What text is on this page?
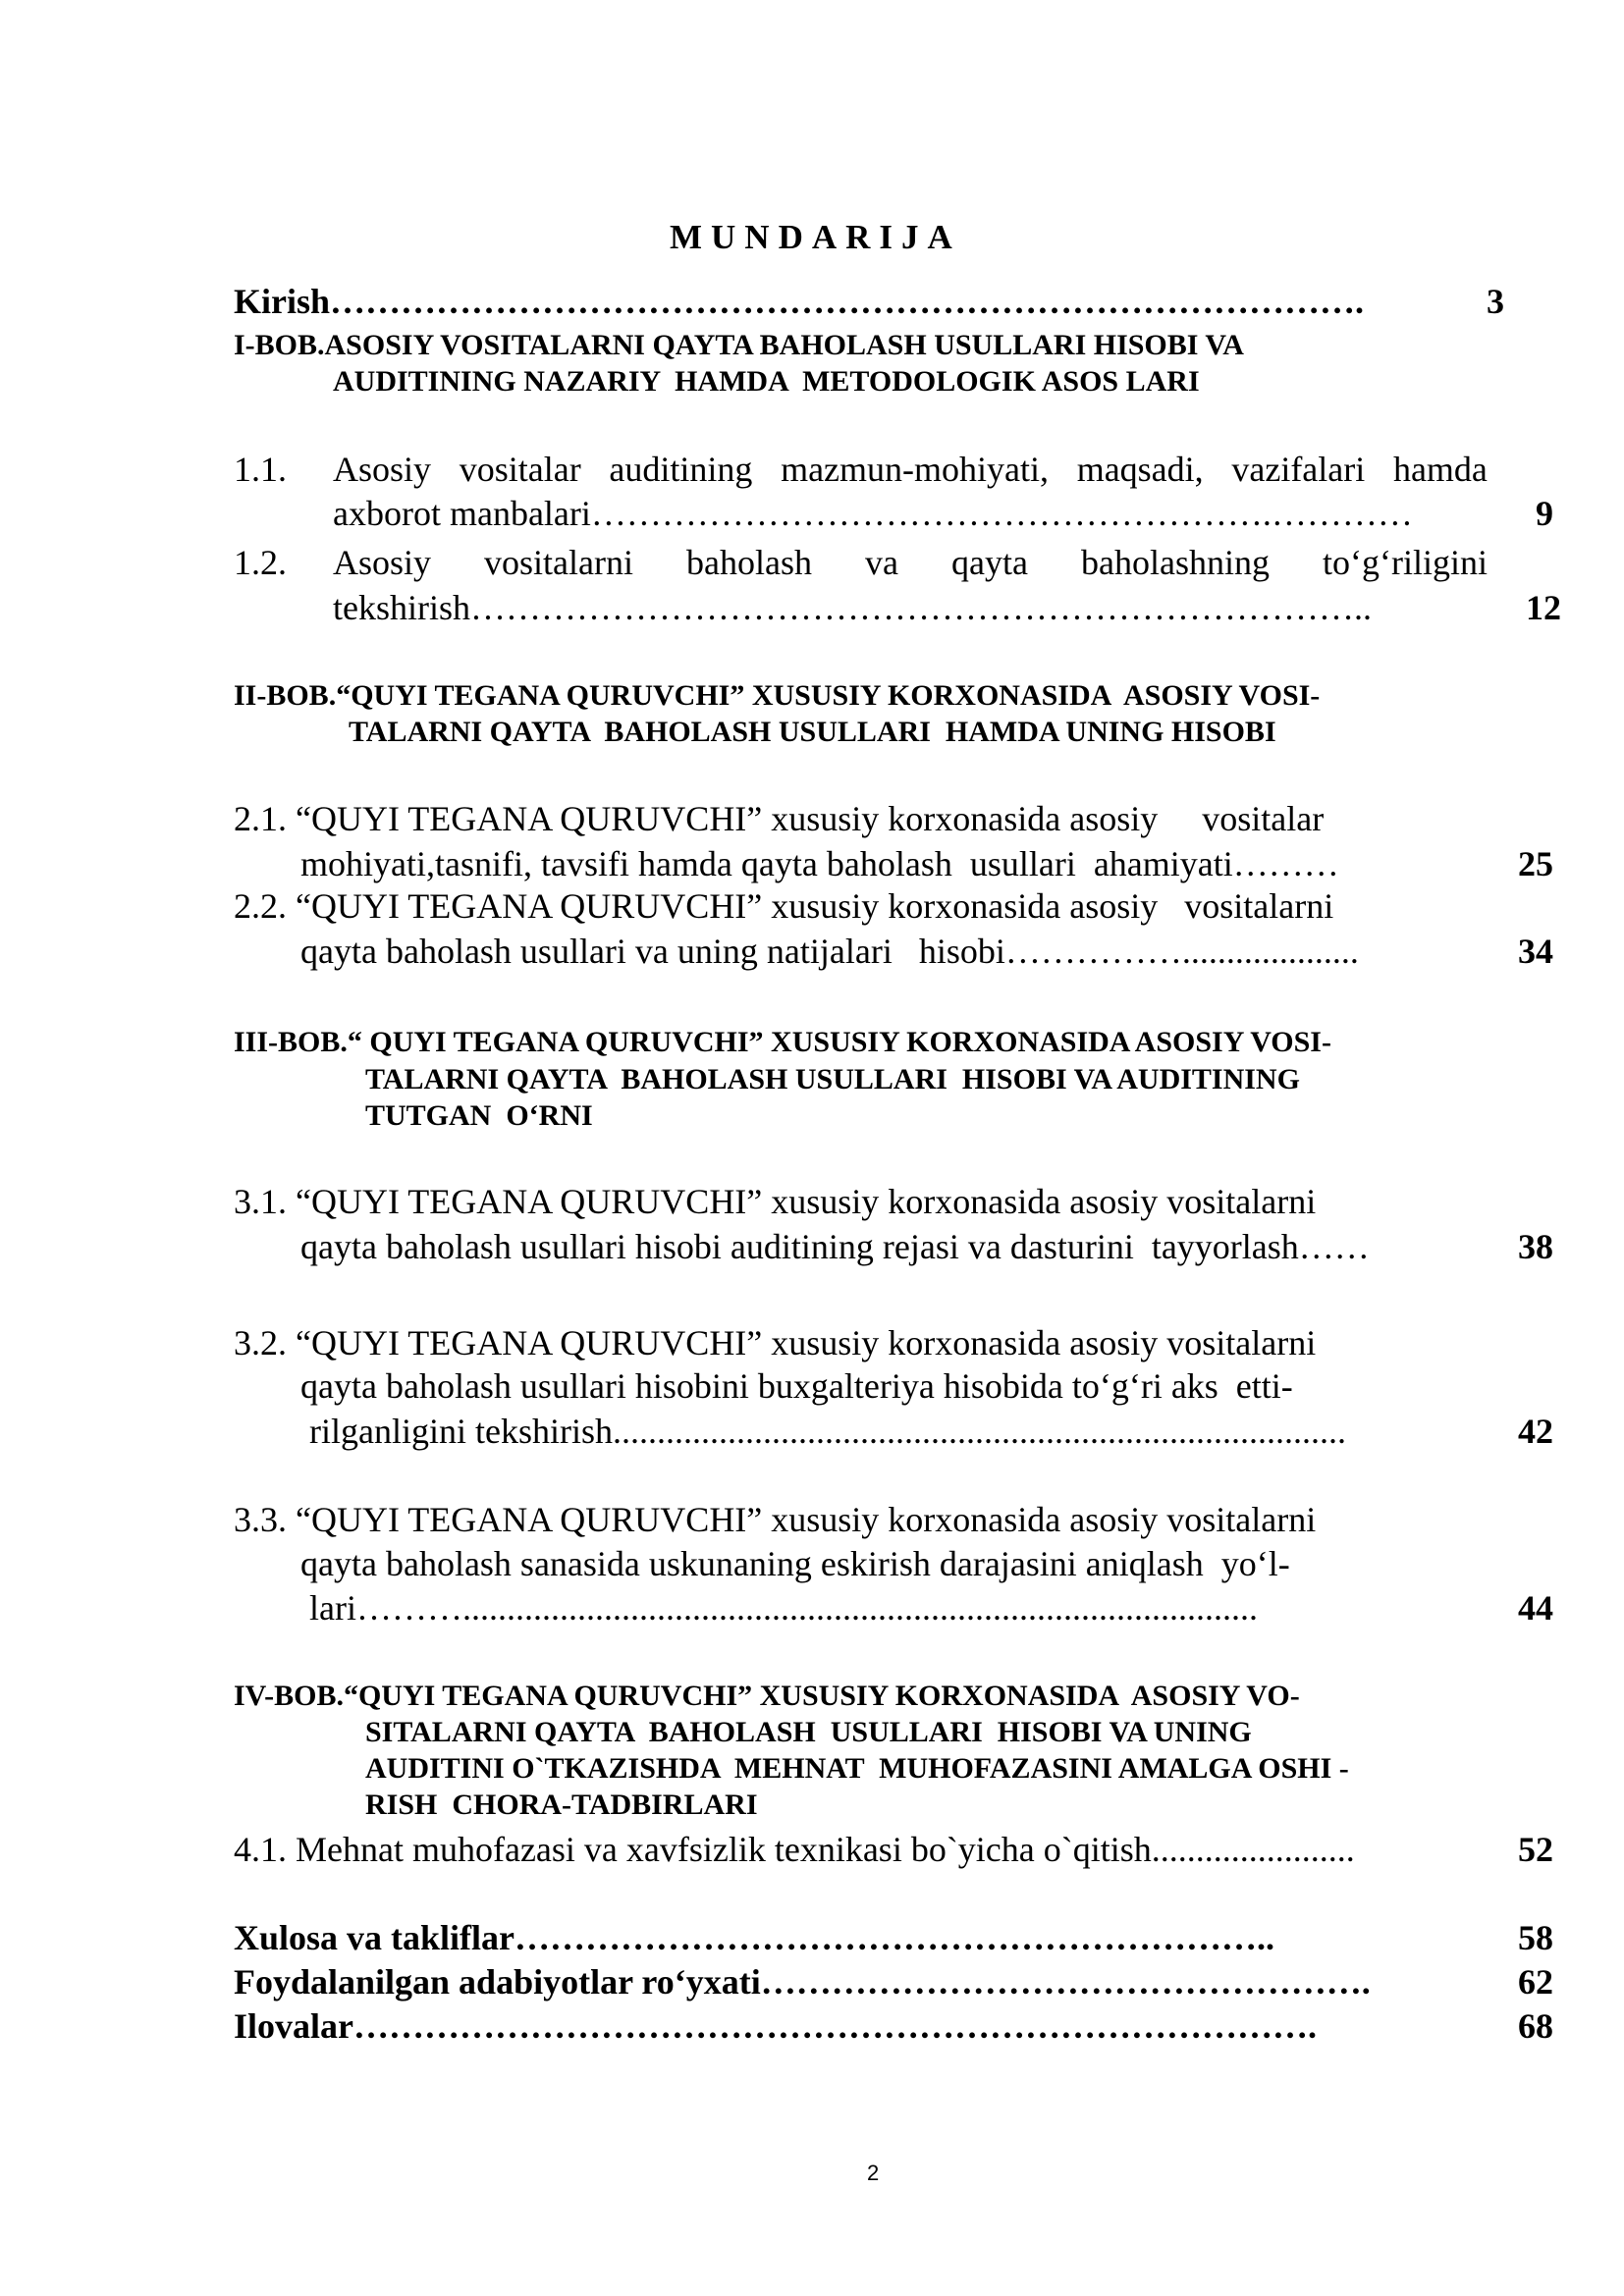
MUNDARIJA
Kirish…………………………………………………………………………….	3
I-BOB.ASOSIY VOSITALARNI QAYTA BAHOLASH USULLARI HISOBI VA
AUDITINING NAZARIY  HAMDA  METODOLOGIK ASOS LARI
1.1. Asosiy vositalar auditining mazmun-mohiyati, maqsadi, vazifalari hamda
axborot manbalari………………………………………………….…………	9
1.2. Asosiy vositalarni baholash va qayta baholashning to‘g‘riligini
tekshirish…………………………………………………………………..	12
II-BOB.“QUYI TEGANA QURUVCHI” XUSUSIY KORXONASIDA  ASOSIY VOSI-
TALARNI QAYTA  BAHOLASH USULLARI  HAMDA UNING HISOBI
2.1. “QUYI TEGANA QURUVCHI” xususiy korxonasida asosiy     vositalar
mohiyati,tasnifi, tavsifi hamda qayta baholash  usullari  ahamiyati………	25
2.2. “QUYI TEGANA QURUVCHI” xususiy korxonasida asosiy   vositalarni
qayta baholash usullari va uning natijalari   hisobi……………....................	34
III-BOB.“ QUYI TEGANA QURUVCHI” XUSUSIY KORXONASIDA ASOSIY VOSI-
TALARNI QAYTA  BAHOLASH USULLARI  HISOBI VA AUDITINING
TUTGAN  O‘RNI
3.1. “QUYI TEGANA QURUVCHI” xususiy korxonasida asosiy vositalarni
qayta baholash usullari hisobi auditining rejasi va dasturini  tayyorlash……	38
3.2. “QUYI TEGANA QURUVCHI” xususiy korxonasida asosiy vositalarni
qayta baholash usullari hisobini buxgalteriya hisobida to‘g‘ri aks  etti-
rilganligini tekshirish...................................................................................	42
3.3. “QUYI TEGANA QURUVCHI” xususiy korxonasida asosiy vositalarni
qayta baholash sanasida uskunaning eskirish darajasini aniqlash  yo‘l-
lari………..........................................................................................	44
IV-BOB.“QUYI TEGANA QURUVCHI” XUSUSIY KORXONASIDA  ASOSIY VO-
SITALARNI QAYTA  BAHOLASH  USULLARI  HISOBI VA UNING
AUDITINI O`TKAZISHDA  MEHNAT  MUHOFAZASINI AMALGA OSHI -
RISH  CHORA-TADBIRLARI
4.1. Mehnat muhofazasi va xavfsizlik texnikasi bo`yicha o`qitish.......................	52
Xulosa va takliflar………………………………………………………..	58
Foydalanilgan adabiyotlar ro‘yxati…………………………………………….	62
Ilovalar……………………………………………………………………….	68
2
